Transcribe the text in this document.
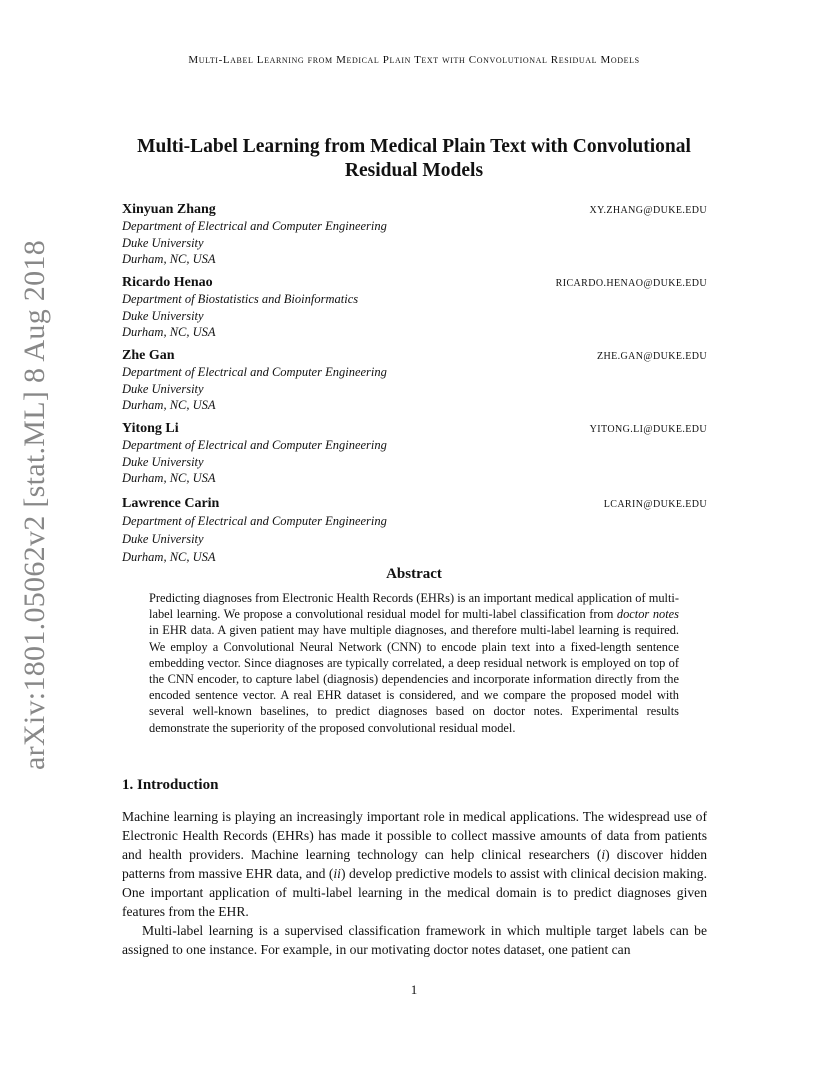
Multi-Label Learning from Medical Plain Text with Convolutional Residual Models
arXiv:1801.05062v2 [stat.ML] 8 Aug 2018
Multi-Label Learning from Medical Plain Text with Convolutional
Residual Models
Xinyuan Zhang	XY.ZHANG@DUKE.EDU
Department of Electrical and Computer Engineering
Duke University
Durham, NC, USA
Ricardo Henao	RICARDO.HENAO@DUKE.EDU
Department of Biostatistics and Bioinformatics
Duke University
Durham, NC, USA
Zhe Gan	ZHE.GAN@DUKE.EDU
Department of Electrical and Computer Engineering
Duke University
Durham, NC, USA
Yitong Li	YITONG.LI@DUKE.EDU
Department of Electrical and Computer Engineering
Duke University
Durham, NC, USA
Lawrence Carin	LCARIN@DUKE.EDU
Department of Electrical and Computer Engineering
Duke University
Durham, NC, USA
Abstract
Predicting diagnoses from Electronic Health Records (EHRs) is an important medical application of multi-label learning. We propose a convolutional residual model for multi-label classification from doctor notes in EHR data. A given patient may have multiple diagnoses, and therefore multi-label learning is required. We employ a Convolutional Neural Network (CNN) to encode plain text into a fixed-length sentence embedding vector. Since diagnoses are typically correlated, a deep residual network is employed on top of the CNN encoder, to capture label (diagnosis) dependencies and incorporate information directly from the encoded sentence vector. A real EHR dataset is considered, and we compare the proposed model with several well-known baselines, to predict diagnoses based on doctor notes. Experimental results demonstrate the superiority of the proposed convolutional residual model.
1. Introduction

Machine learning is playing an increasingly important role in medical applications. The widespread use of Electronic Health Records (EHRs) has made it possible to collect massive amounts of data from patients and health providers. Machine learning technology can help clinical researchers (i) discover hidden patterns from massive EHR data, and (ii) develop predictive models to assist with clinical decision making. One important application of multi-label learning in the medical domain is to predict diagnoses given features from the EHR.

Multi-label learning is a supervised classification framework in which multiple target labels can be assigned to one instance. For example, in our motivating doctor notes dataset, one patient can

1
